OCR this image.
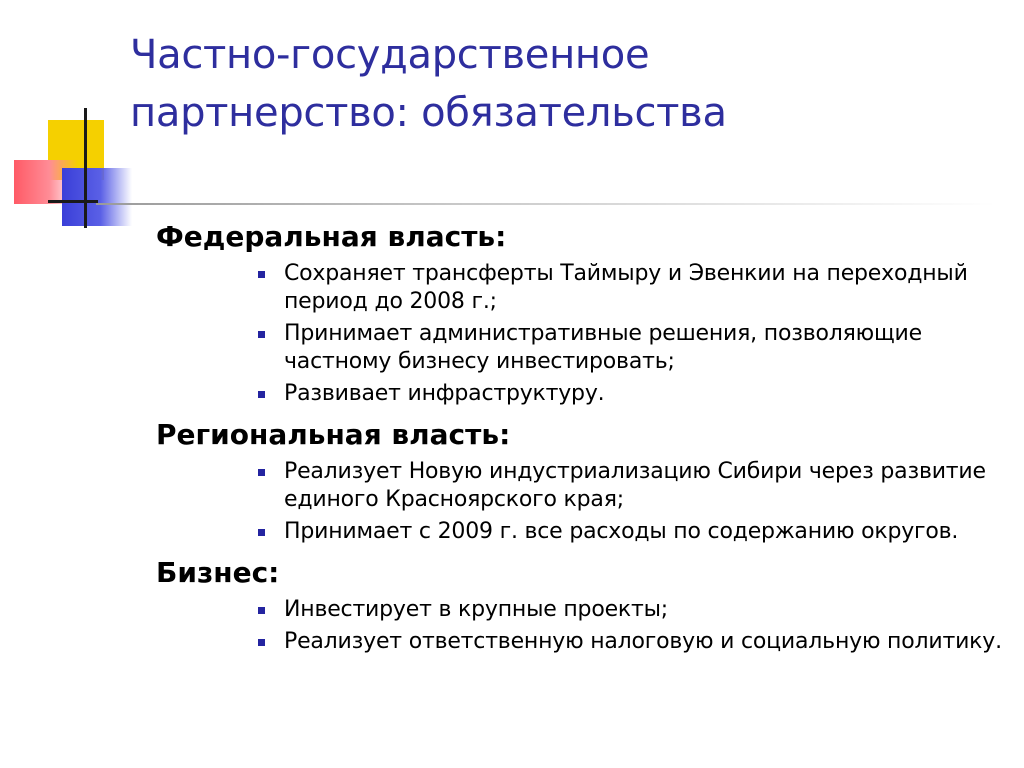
Частно-государственное
партнерство: обязательства
Федеральная власть:
Сохраняет трансферты Таймыру и Эвенкии на переходный период до 2008 г.;
Принимает административные решения, позволяющие частному бизнесу инвестировать;
Развивает инфраструктуру.
Региональная власть:
Реализует Новую индустриализацию Сибири через развитие единого Красноярского края;
Принимает с 2009 г. все расходы по содержанию округов.
Бизнес:
Инвестирует в крупные проекты;
Реализует ответственную налоговую и социальную политику.
